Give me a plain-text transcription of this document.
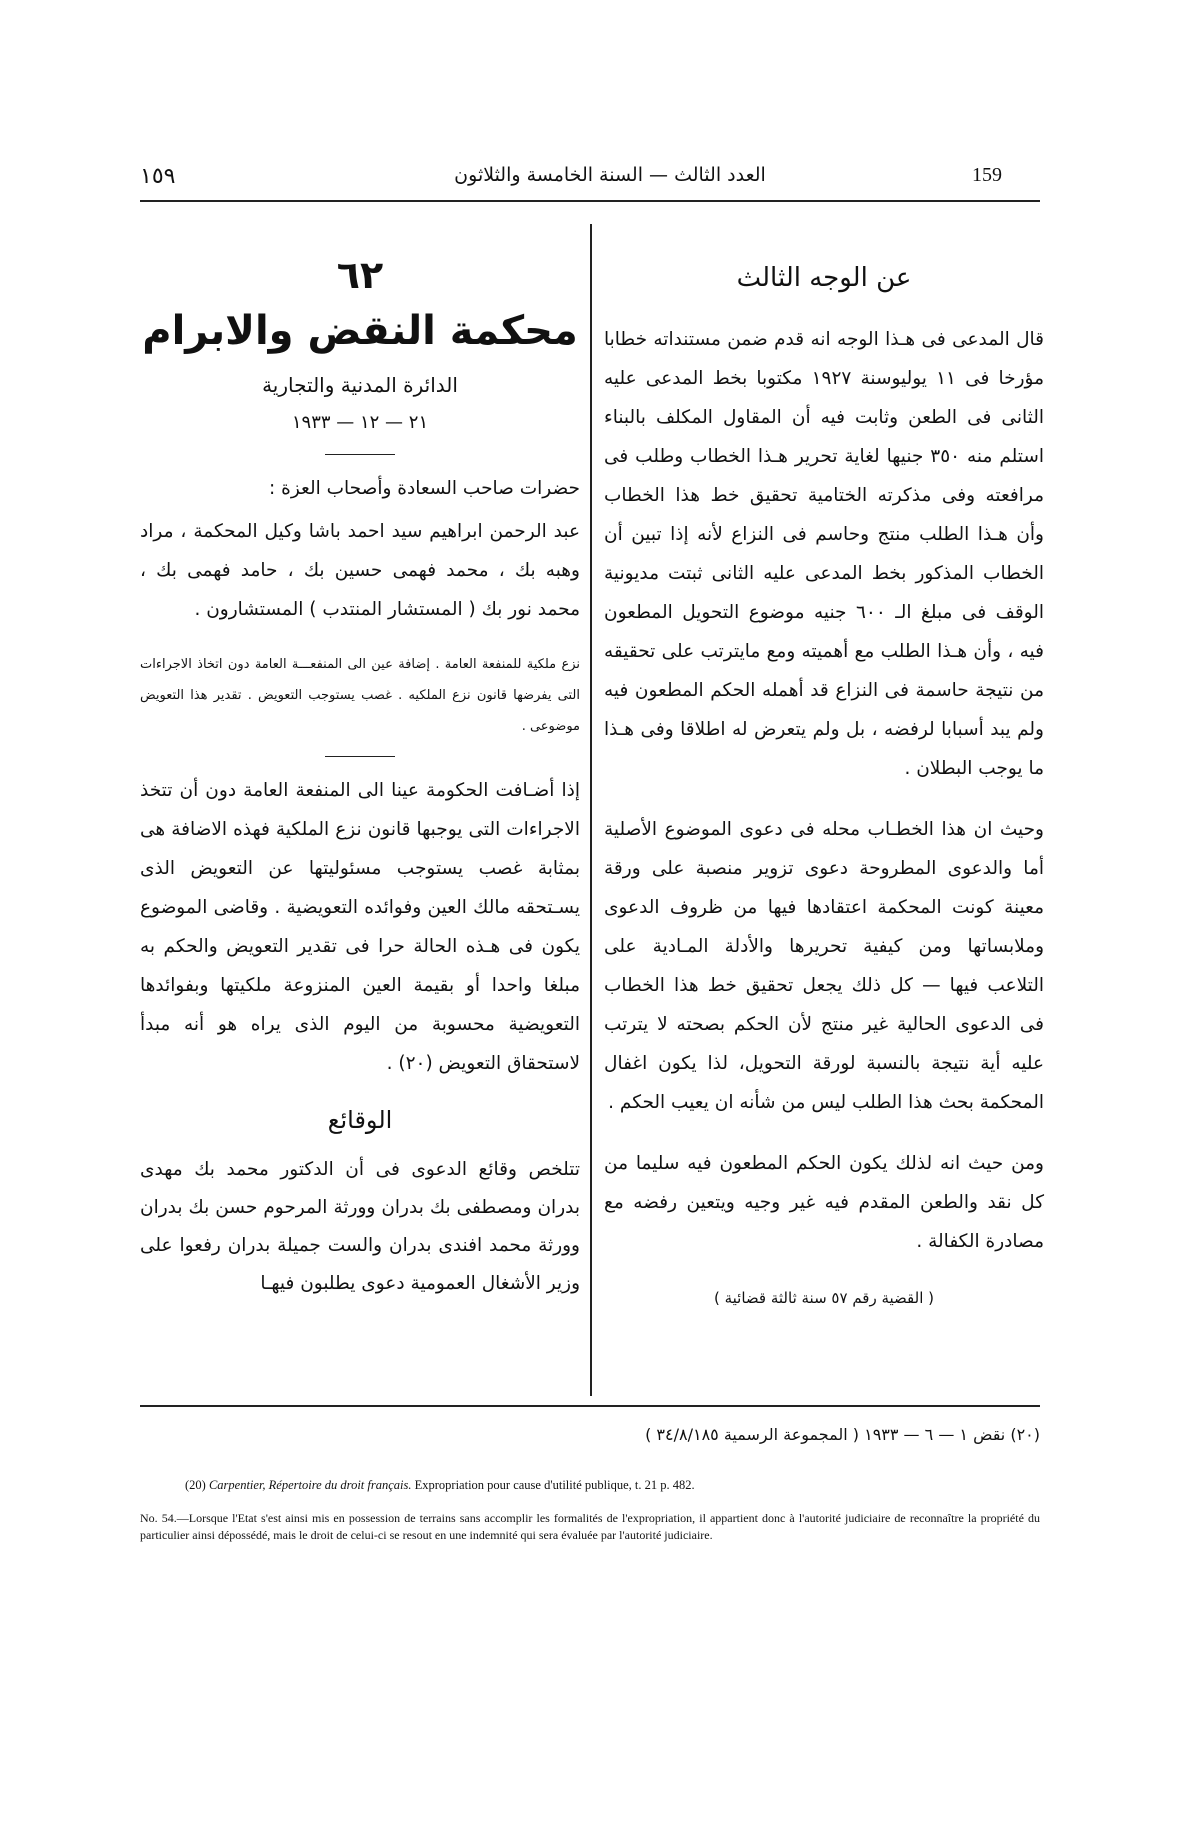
159
العدد الثالث — السنة الخامسة والثلاثون
١٥٩
عن الوجه الثالث

قال المدعى فى هـذا الوجه انه قدم ضمن مستنداته خطابا مؤرخا فى ١١ يوليوسنة ١٩٢٧ مكتوبا بخط المدعى عليه الثانى فى الطعن وثابت فيه أن المقاول المكلف بالبناء استلم منه ٣٥٠ جنيها لغاية تحرير هـذا الخطاب وطلب فى مرافعته وفى مذكرته الختامية تحقيق خط هذا الخطاب وأن هـذا الطلب منتج وحاسم فى النزاع لأنه إذا تبين أن الخطاب المذكور بخط المدعى عليه الثانى ثبتت مديونية الوقف فى مبلغ الـ ٦٠٠ جنيه موضوع التحويل المطعون فيه ، وأن هـذا الطلب مع أهميته ومع مايترتب على تحقيقه من نتيجة حاسمة فى النزاع قد أهمله الحكم المطعون فيه ولم يبد أسبابا لرفضه ، بل ولم يتعرض له اطلاقا وفى هـذا ما يوجب البطلان .

وحيث ان هذا الخطـاب محله فى دعوى الموضوع الأصلية أما والدعوى المطروحة دعوى تزوير منصبة على ورقة معينة كونت المحكمة اعتقادها فيها من ظروف الدعوى وملابساتها ومن كيفية تحريرها والأدلة المـادية على التلاعب فيها — كل ذلك يجعل تحقيق خط هذا الخطاب فى الدعوى الحالية غير منتج لأن الحكم بصحته لا يترتب عليه أية نتيجة بالنسبة لورقة التحويل، لذا يكون اغفال المحكمة بحث هذا الطلب ليس من شأنه ان يعيب الحكم .

ومن حيث انه لذلك يكون الحكم المطعون فيه سليما من كل نقد والطعن المقدم فيه غير وجيه ويتعين رفضه مع مصادرة الكفالة .

( القضية رقم ٥٧ سنة ثالثة قضائية )
٦٢
محكمة النقض والابرام
الدائرة المدنية والتجارية
٢١ — ١٢ — ١٩٣٣

حضرات صاحب السعادة وأصحاب العزة :

عبد الرحمن ابراهيم سيد احمد باشا وكيل المحكمة ، مراد وهبه بك ، محمد فهمى حسين بك ، حامد فهمى بك ، محمد نور بك ( المستشار المنتدب ) المستشارون .

نزع ملكية للمنفعة العامة . إضافة عين الى المنفعـــة العامة دون اتخاذ الاجراءات التى يفرضها قانون نزع الملكيه . غصب يستوجب التعويض . تقدير هذا التعويض موضوعى .

إذا أضـافت الحكومة عينا الى المنفعة العامة دون أن تتخذ الاجراءات التى يوجبها قانون نزع الملكية فهذه الاضافة هى بمثابة غصب يستوجب مسئوليتها عن التعويض الذى يسـتحقه مالك العين وفوائده التعويضية . وقاضى الموضوع يكون فى هـذه الحالة حرا فى تقدير التعويض والحكم به مبلغا واحدا أو بقيمة العين المنزوعة ملكيتها وبفوائدها التعويضية محسوبة من اليوم الذى يراه هو أنه مبدأ لاستحقاق التعويض (٢٠) .

الوقائع

تتلخص وقائع الدعوى فى أن الدكتور محمد بك مهدى بدران ومصطفى بك بدران وورثة المرحوم حسن بك بدران وورثة محمد افندى بدران والست جميلة بدران رفعوا على وزير الأشغال العمومية دعوى يطلبون فيهـا

(٢٠) نقض ١ — ٦ — ١٩٣٣ ( المجموعة الرسمية ٣٤/٨/١٨٥ )
(20) Carpentier, Répertoire du droit français. Expropriation pour cause d'utilité publique, t. 21 p. 482.
No. 54.—Lorsque l'Etat s'est ainsi mis en possession de terrains sans accomplir les formalités de l'expropriation, il appartient donc à l'autorité judiciaire de reconnaître la propriété du particulier ainsi dépossédé, mais le droit de celui-ci se resout en une indemnité qui sera évaluée par l'autorité judiciaire.
